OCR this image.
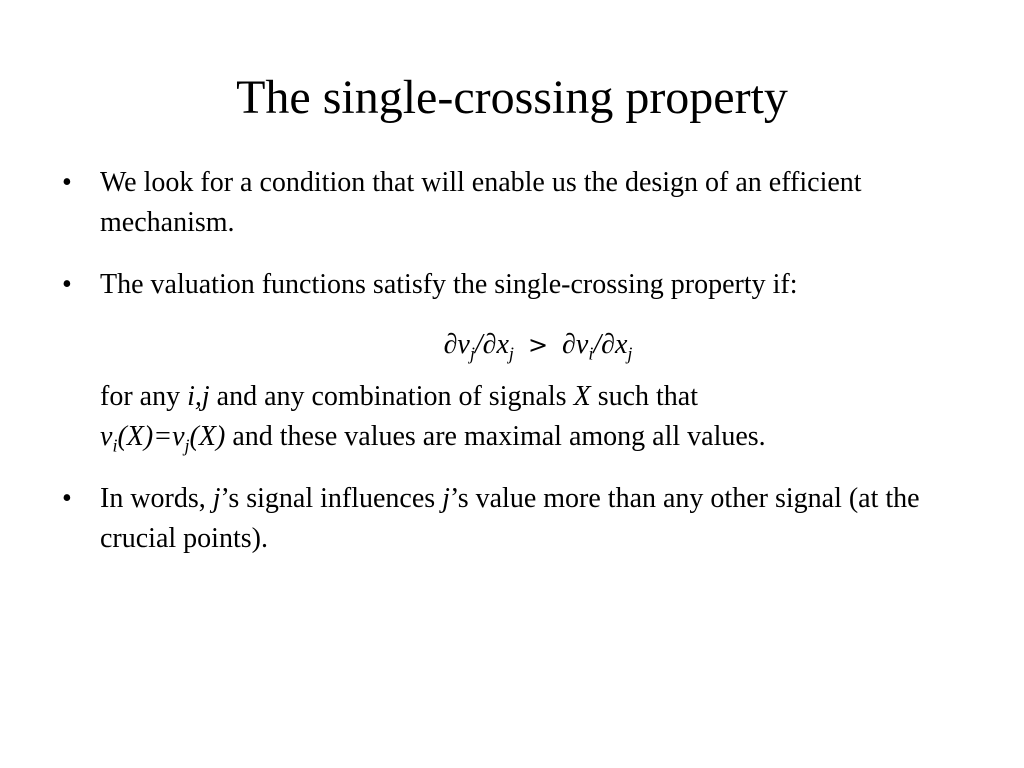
The single-crossing property
• We look for a condition that will enable us the design of an efficient mechanism.
• The valuation functions satisfy the single-crossing property if:
$\partial v_j/\partial x_j > \partial v_i/\partial x_j$
for any i,j and any combination of signals X such that
$v_i(X)=v_j(X)$ and these values are maximal among all values.
• In words, j’s signal influences j’s value more than any other signal (at the crucial points).
